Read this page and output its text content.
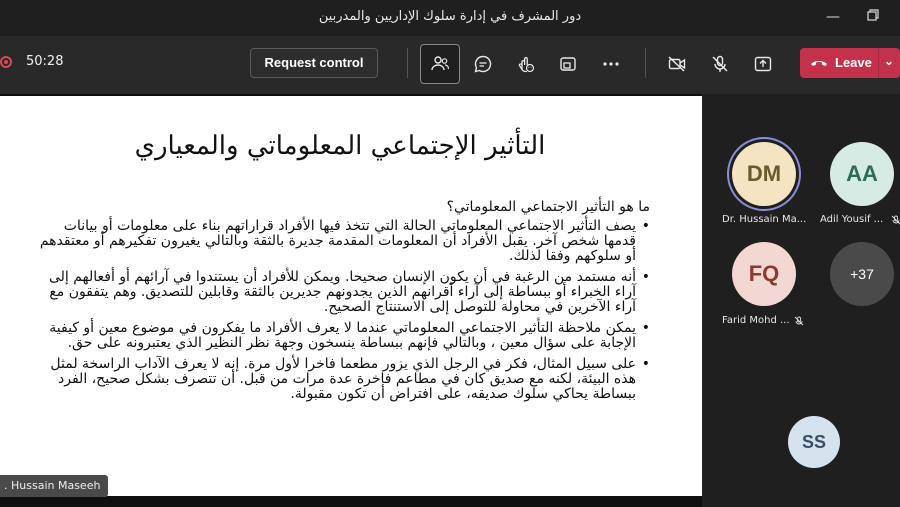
دور المشرف في إدارة سلوك الإداريين والمدربين	—
50:28	Request control	Leave ⌄
التأثير الإجتماعي المعلوماتي والمعياري
ما هو التأثير الاجتماعي المعلوماتي؟
• يصف التأثير الاجتماعي المعلوماتي الحالة التي تتخذ فيها الأفراد قراراتهم بناء على معلومات أو بيانات قدمها شخص آخر. يقبل الأفراد أن المعلومات المقدمة جديرة بالثقة وبالتالي يغيرون تفكيرهم أو معتقدهم أو سلوكهم وفقا لذلك.
• أنه مستمد من الرغبة في أن يكون الإنسان صحيحا. ويمكن للأفراد أن يستندوا في آرائهم أو أفعالهم إلى آراء الخبراء أو ببساطة إلى آراء أقرانهم الذين يجدونهم جديرين بالثقة وقابلين للتصديق. وهم يتفقون مع آراء الآخرين في محاولة للتوصل إلى الاستنتاج الصحيح.
• يمكن ملاحظة التأثير الاجتماعي المعلوماتي عندما لا يعرف الأفراد ما يفكرون في موضوع معين أو كيفية الإجابة على سؤال معين ، وبالتالي فإنهم ببساطة ينسخون وجهة نظر النظير الذي يعتبرونه على حق.
• على سبيل المثال، فكر في الرجل الذي يزور مطعما فاخرا لأول مرة. إنه لا يعرف الآداب الراسخة لمثل هذه البيئة، لكنه مع صديق كان في مطاعم فاخرة عدة مرات من قبل. أن تتصرف بشكل صحيح، الفرد ببساطة يحاكي سلوك صديقه، على افتراض أن تكون مقبولة.
. Hussain Maseeh
DM
Dr. Hussain Ma...
AA
Adil Yousif ...
FQ
Farid Mohd ...
+37
SS
